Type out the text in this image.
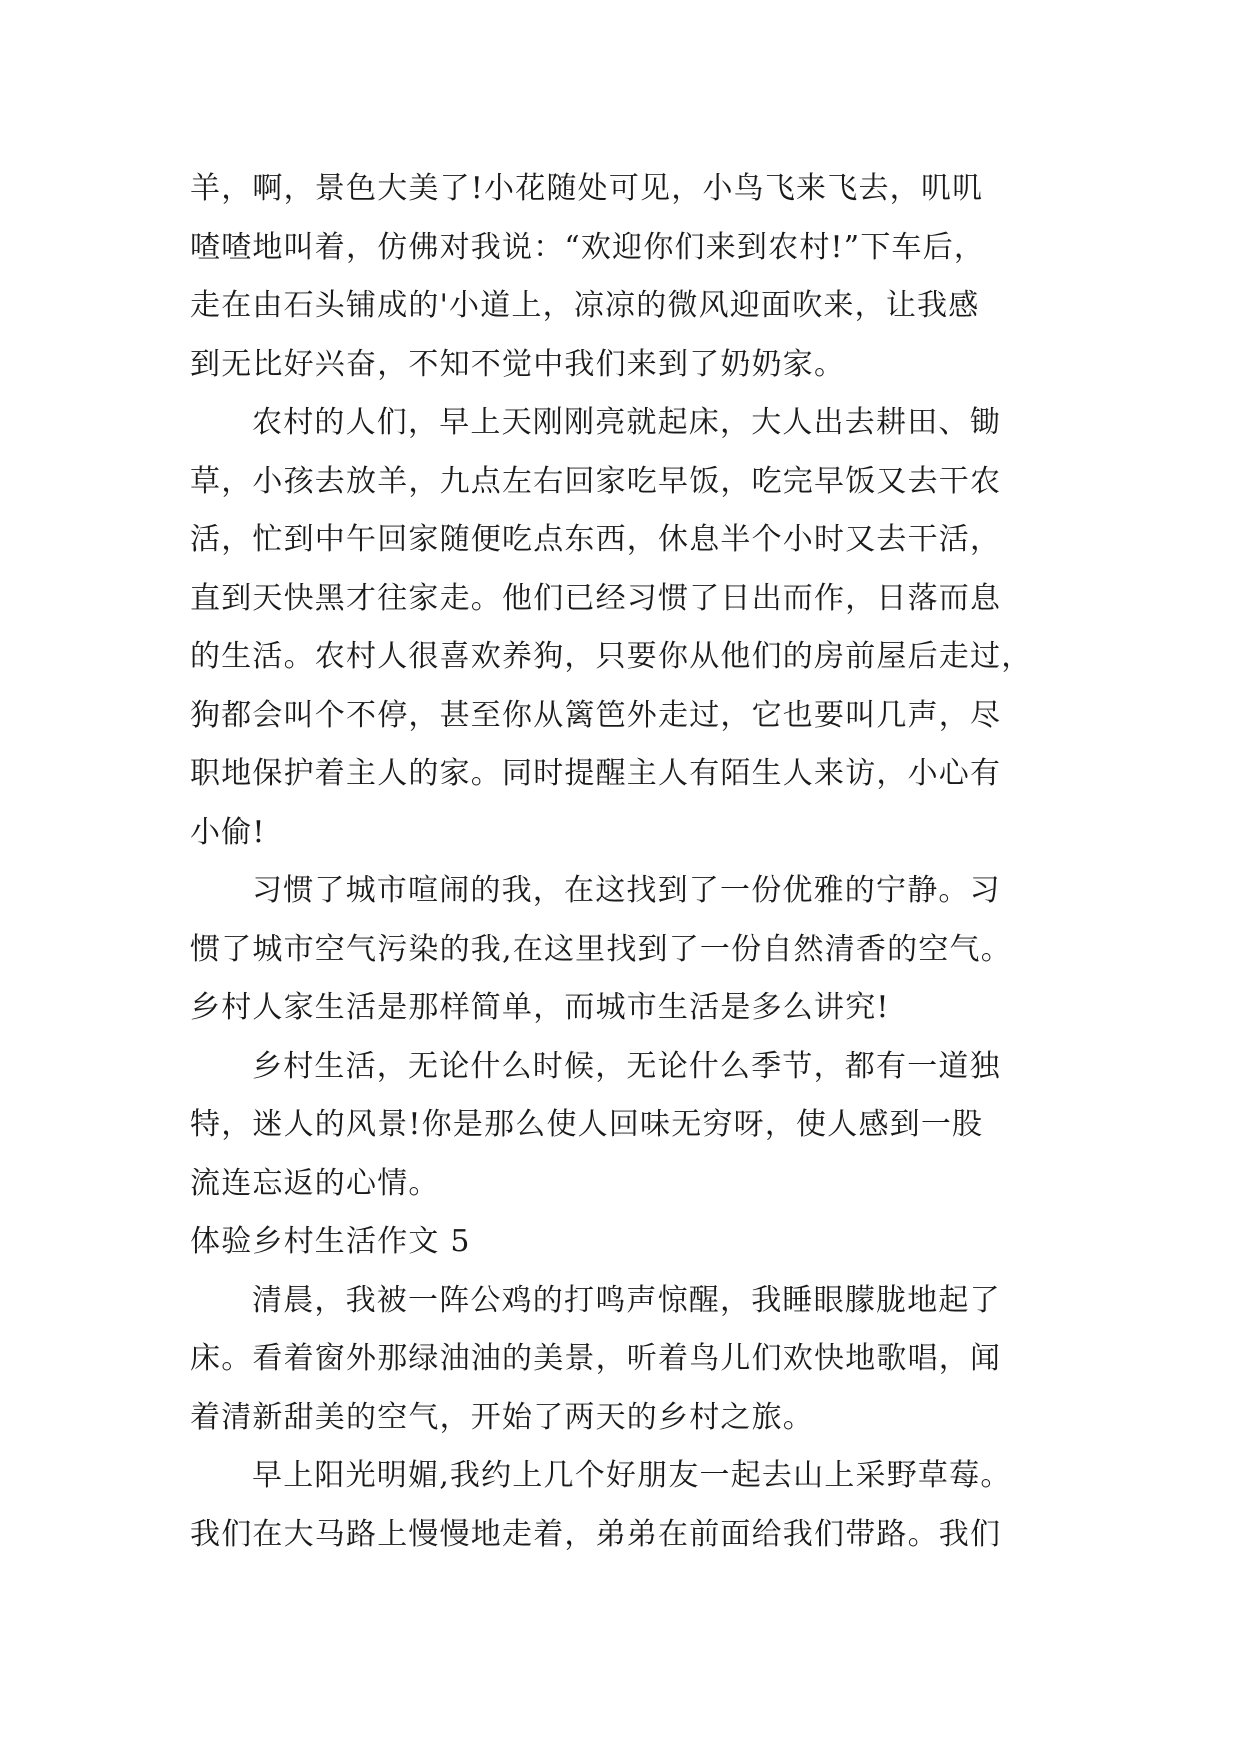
羊，啊，景色大美了!小花随处可见，小鸟飞来飞去，叽叽
喳喳地叫着，仿佛对我说：“欢迎你们来到农村!”下车后，
走在由石头铺成的'小道上，凉凉的微风迎面吹来，让我感
到无比好兴奋，不知不觉中我们来到了奶奶家。
农村的人们，早上天刚刚亮就起床，大人出去耕田、锄
草，小孩去放羊，九点左右回家吃早饭，吃完早饭又去干农
活，忙到中午回家随便吃点东西，休息半个小时又去干活，
直到天快黑才往家走。他们已经习惯了日出而作，日落而息
的生活。农村人很喜欢养狗，只要你从他们的房前屋后走过，
狗都会叫个不停，甚至你从篱笆外走过，它也要叫几声，尽
职地保护着主人的家。同时提醒主人有陌生人来访，小心有
小偷!
习惯了城市喧闹的我，在这找到了一份优雅的宁静。习
惯了城市空气污染的我,在这里找到了一份自然清香的空气。
乡村人家生活是那样简单，而城市生活是多么讲究!
乡村生活，无论什么时候，无论什么季节，都有一道独
特，迷人的风景!你是那么使人回味无穷呀，使人感到一股
流连忘返的心情。
体验乡村生活作文 5
清晨，我被一阵公鸡的打鸣声惊醒，我睡眼朦胧地起了
床。看着窗外那绿油油的美景，听着鸟儿们欢快地歌唱，闻
着清新甜美的空气，开始了两天的乡村之旅。
早上阳光明媚,我约上几个好朋友一起去山上采野草莓。
我们在大马路上慢慢地走着，弟弟在前面给我们带路。我们
